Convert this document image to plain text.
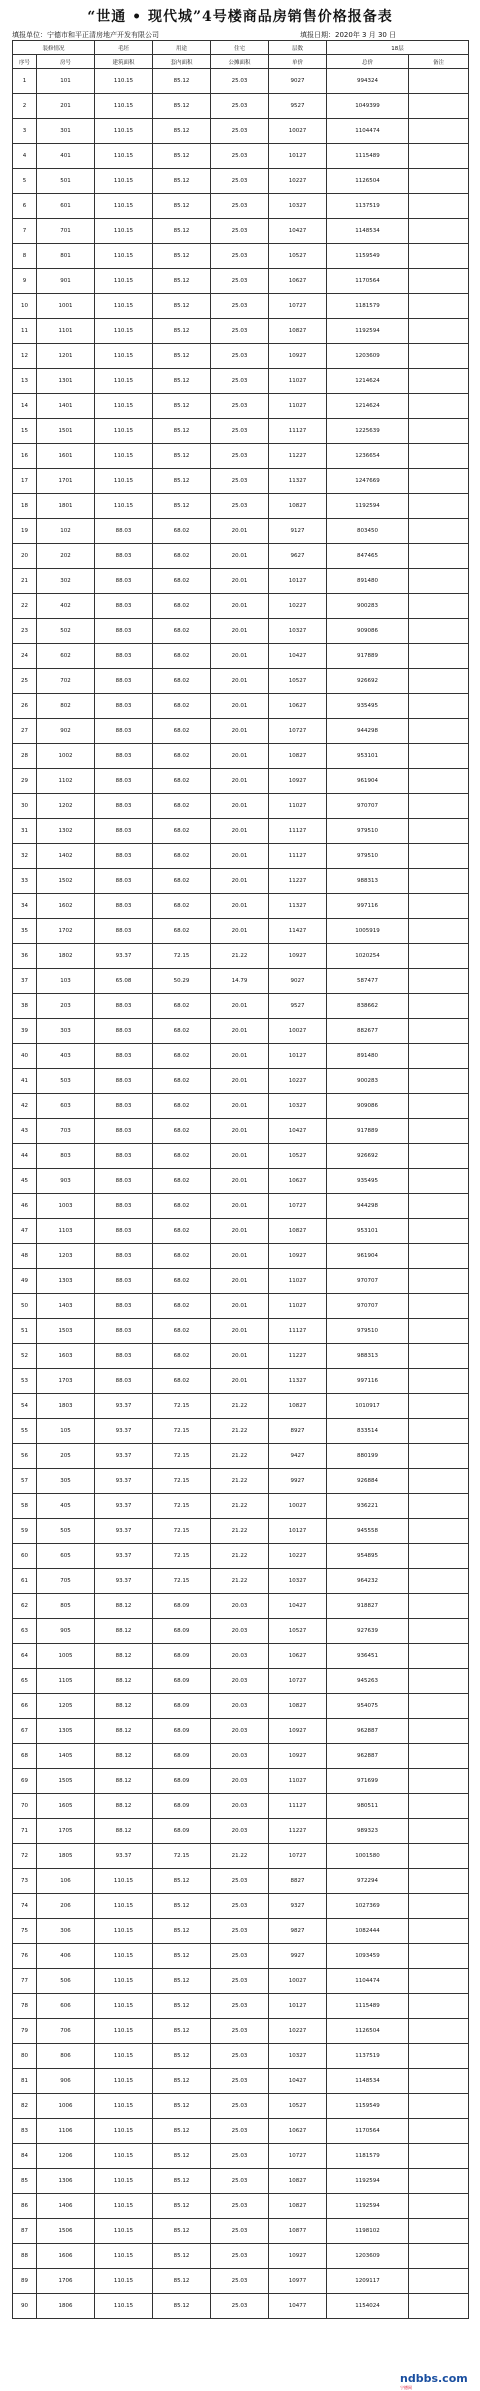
“世通 • 现代城”4号楼商品房销售价格报备表
填报单位：宁德市和平正清房地产开发有限公司	填报日期：2020年 3 月 30 日
装修情况		毛坯	用途	住宅	层数	18层	
序号	房号	建筑面积	套内面积	公摊面积	单价	总价	备注
1	101	110.15	85.12	25.03	9027	994324	
2	201	110.15	85.12	25.03	9527	1049399	
3	301	110.15	85.12	25.03	10027	1104474	
4	401	110.15	85.12	25.03	10127	1115489	
5	501	110.15	85.12	25.03	10227	1126504	
6	601	110.15	85.12	25.03	10327	1137519	
7	701	110.15	85.12	25.03	10427	1148534	
8	801	110.15	85.12	25.03	10527	1159549	
9	901	110.15	85.12	25.03	10627	1170564	
10	1001	110.15	85.12	25.03	10727	1181579	
11	1101	110.15	85.12	25.03	10827	1192594	
12	1201	110.15	85.12	25.03	10927	1203609	
13	1301	110.15	85.12	25.03	11027	1214624	
14	1401	110.15	85.12	25.03	11027	1214624	
15	1501	110.15	85.12	25.03	11127	1225639	
16	1601	110.15	85.12	25.03	11227	1236654	
17	1701	110.15	85.12	25.03	11327	1247669	
18	1801	110.15	85.12	25.03	10827	1192594	
19	102	88.03	68.02	20.01	9127	803450	
20	202	88.03	68.02	20.01	9627	847465	
21	302	88.03	68.02	20.01	10127	891480	
22	402	88.03	68.02	20.01	10227	900283	
23	502	88.03	68.02	20.01	10327	909086	
24	602	88.03	68.02	20.01	10427	917889	
25	702	88.03	68.02	20.01	10527	926692	
26	802	88.03	68.02	20.01	10627	935495	
27	902	88.03	68.02	20.01	10727	944298	
28	1002	88.03	68.02	20.01	10827	953101	
29	1102	88.03	68.02	20.01	10927	961904	
30	1202	88.03	68.02	20.01	11027	970707	
31	1302	88.03	68.02	20.01	11127	979510	
32	1402	88.03	68.02	20.01	11127	979510	
33	1502	88.03	68.02	20.01	11227	988313	
34	1602	88.03	68.02	20.01	11327	997116	
35	1702	88.03	68.02	20.01	11427	1005919	
36	1802	93.37	72.15	21.22	10927	1020254	
37	103	65.08	50.29	14.79	9027	587477	
38	203	88.03	68.02	20.01	9527	838662	
39	303	88.03	68.02	20.01	10027	882677	
40	403	88.03	68.02	20.01	10127	891480	
41	503	88.03	68.02	20.01	10227	900283	
42	603	88.03	68.02	20.01	10327	909086	
43	703	88.03	68.02	20.01	10427	917889	
44	803	88.03	68.02	20.01	10527	926692	
45	903	88.03	68.02	20.01	10627	935495	
46	1003	88.03	68.02	20.01	10727	944298	
47	1103	88.03	68.02	20.01	10827	953101	
48	1203	88.03	68.02	20.01	10927	961904	
49	1303	88.03	68.02	20.01	11027	970707	
50	1403	88.03	68.02	20.01	11027	970707	
51	1503	88.03	68.02	20.01	11127	979510	
52	1603	88.03	68.02	20.01	11227	988313	
53	1703	88.03	68.02	20.01	11327	997116	
54	1803	93.37	72.15	21.22	10827	1010917	
55	105	93.37	72.15	21.22	8927	833514	
56	205	93.37	72.15	21.22	9427	880199	
57	305	93.37	72.15	21.22	9927	926884	
58	405	93.37	72.15	21.22	10027	936221	
59	505	93.37	72.15	21.22	10127	945558	
60	605	93.37	72.15	21.22	10227	954895	
61	705	93.37	72.15	21.22	10327	964232	
62	805	88.12	68.09	20.03	10427	918827	
63	905	88.12	68.09	20.03	10527	927639	
64	1005	88.12	68.09	20.03	10627	936451	
65	1105	88.12	68.09	20.03	10727	945263	
66	1205	88.12	68.09	20.03	10827	954075	
67	1305	88.12	68.09	20.03	10927	962887	
68	1405	88.12	68.09	20.03	10927	962887	
69	1505	88.12	68.09	20.03	11027	971699	
70	1605	88.12	68.09	20.03	11127	980511	
71	1705	88.12	68.09	20.03	11227	989323	
72	1805	93.37	72.15	21.22	10727	1001580	
73	106	110.15	85.12	25.03	8827	972294	
74	206	110.15	85.12	25.03	9327	1027369	
75	306	110.15	85.12	25.03	9827	1082444	
76	406	110.15	85.12	25.03	9927	1093459	
77	506	110.15	85.12	25.03	10027	1104474	
78	606	110.15	85.12	25.03	10127	1115489	
79	706	110.15	85.12	25.03	10227	1126504	
80	806	110.15	85.12	25.03	10327	1137519	
81	906	110.15	85.12	25.03	10427	1148534	
82	1006	110.15	85.12	25.03	10527	1159549	
83	1106	110.15	85.12	25.03	10627	1170564	
84	1206	110.15	85.12	25.03	10727	1181579	
85	1306	110.15	85.12	25.03	10827	1192594	
86	1406	110.15	85.12	25.03	10827	1192594	
87	1506	110.15	85.12	25.03	10877	1198102	
88	1606	110.15	85.12	25.03	10927	1203609	
89	1706	110.15	85.12	25.03	10977	1209117	
90	1806	110.15	85.12	25.03	10477	1154024	
ndbbs.com
宁德网
